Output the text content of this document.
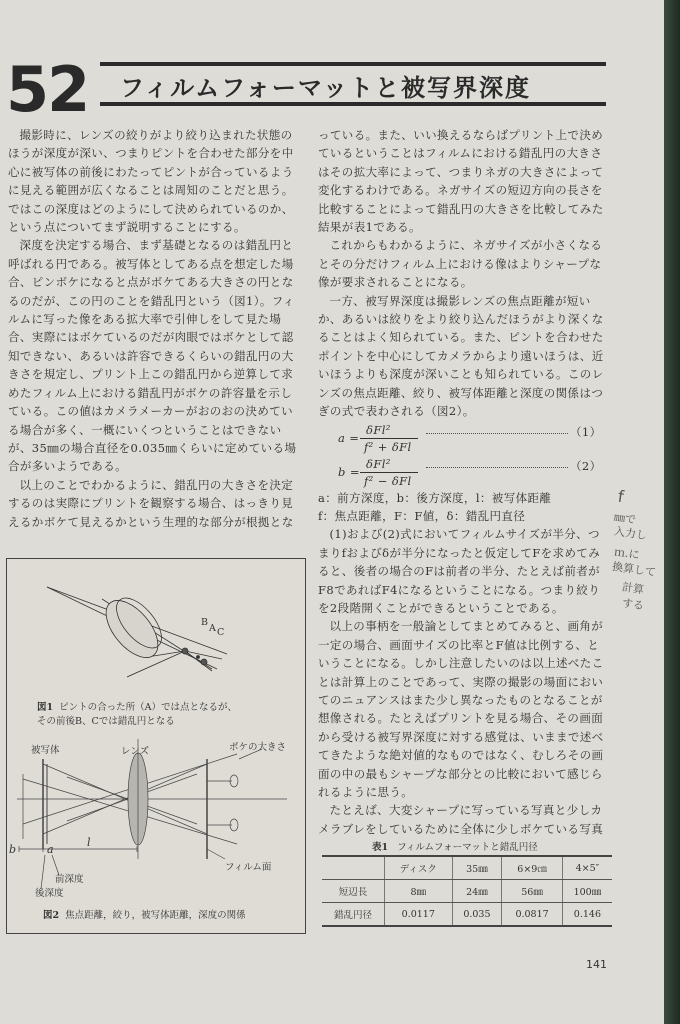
52 フィルムフォーマットと被写界深度

撮影時に、レンズの絞りがより絞り込まれた状態のほうが深度が深い、つまりピントを合わせた部分を中心に被写体の前後にわたってピントが合っているように見える範囲が広くなることは周知のことだと思う。ではこの深度はどのようにして決められているのか、という点についてまず説明することにする。

深度を決定する場合、まず基礎となるのは錯乱円と呼ばれる円である。被写体としてある点を想定した場合、ピンボケになると点がボケてある大きさの円となるのだが、この円のことを錯乱円という（図1）。フィルムに写った像をある拡大率で引伸しをして見た場合、実際にはボケているのだが肉眼ではボケとして認知できない、あるいは許容できるくらいの錯乱円の大きさを規定し、プリント上この錯乱円から逆算して求めたフィルム上における錯乱円がボケの許容量を示している。この値はカメラメーカーがおのおの決めている場合が多く、一概にいくつということはできないが、35㎜の場合直径を0.035㎜くらいに定めている場合が多いようである。

以上のことでわかるように、錯乱円の大きさを決定するのは実際にプリントを観察する場合、はっきり見えるかボケて見えるかという生理的な部分が根拠とな

っている。また、いい換えるならばプリント上で決めているということはフィルムにおける錯乱円の大きさはその拡大率によって、つまりネガの大きさによって変化するわけである。ネガサイズの短辺方向の長さを比較することによって錯乱円の大きさを比較してみた結果が表1である。

これからもわかるように、ネガサイズが小さくなるとその分だけフィルム上における像はよりシャープな像が要求されることになる。

一方、被写界深度は撮影レンズの焦点距離が短いか、あるいは絞りをより絞り込んだほうがより深くなることはよく知られている。また、ピントを合わせたポイントを中心にしてカメラからより遠いほうは、近いほうよりも深度が深いことも知られている。このレンズの焦点距離、絞り、被写体距離と深度の関係はつぎの式で表わされる（図2）。

a =
δFl²
f² + δFl
（1）
b =
δFl²
f² − δFl
（2）

a：前方深度，b：後方深度，l：被写体距離

f：焦点距離，F：F値，δ：錯乱円直径

(1)および(2)式においてフィルムサイズが半分、つまりfおよびδが半分になったと仮定してFを求めてみると、後者の場合のFは前者の半分、たとえば前者がF8であればF4になるということになる。つまり絞りを2段階開くことができるということである。

以上の事柄を一般論としてまとめてみると、画角が一定の場合、画面サイズの比率とF値は比例する、ということになる。しかし注意したいのは以上述べたことは計算上のことであって、実際の撮影の場面においてのニュアンスはまた少し異なったものとなることが想像される。たとえばプリントを見る場合、その画面から受ける被写界深度に対する感覚は、いままで述べてきたような絶対値的なものではなく、むしろその画面の中の最もシャープな部分との比較において感じられるように思う。

たとえば、大変シャープに写っている写真と少しカメラブレをしているために全体に少しボケている写真

B
A C
図1 ピントの合った所（A）では点となるが、その前後B、Cでは錯乱円となる
被写体	レンズ	ボケの大きさ
フィルム面
l
b	a
前深度
後深度
図2 焦点距離，絞り，被写体距離，深度の関係
表1 フィルムフォーマットと錯乱円径
	ディスク	35㎜	6×9㎝	4×5″
短辺長	8㎜	24㎜	56㎜	100㎜
錯乱円径	0.0117	0.035	0.0817	0.146
141
f
㎜で
入力し
ｍ.に
換算して
計算
する
